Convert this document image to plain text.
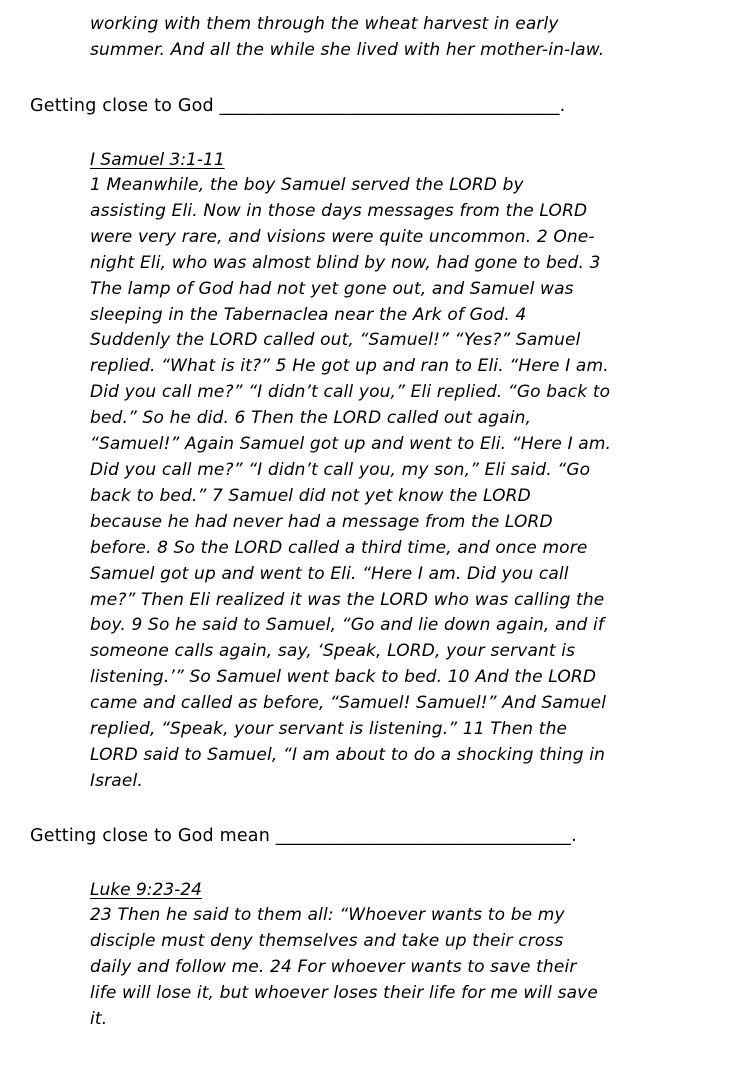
working with them through the wheat harvest in early
summer. And all the while she lived with her mother-in-law.

Getting close to God ______________________________________.

I Samuel 3:1-11

1 Meanwhile, the boy Samuel served the LORD by
assisting Eli. Now in those days messages from the LORD
were very rare, and visions were quite uncommon. 2 One-
night Eli, who was almost blind by now, had gone to bed. 3
The lamp of God had not yet gone out, and Samuel was
sleeping in the Tabernaclea near the Ark of God. 4
Suddenly the LORD called out, “Samuel!” “Yes?” Samuel
replied. “What is it?” 5 He got up and ran to Eli. “Here I am.
Did you call me?” “I didn’t call you,” Eli replied. “Go back to
bed.” So he did. 6 Then the LORD called out again,
“Samuel!” Again Samuel got up and went to Eli. “Here I am.
Did you call me?” “I didn’t call you, my son,” Eli said. “Go
back to bed.” 7 Samuel did not yet know the LORD
because he had never had a message from the LORD
before. 8 So the LORD called a third time, and once more
Samuel got up and went to Eli. “Here I am. Did you call
me?” Then Eli realized it was the LORD who was calling the
boy. 9 So he said to Samuel, “Go and lie down again, and if
someone calls again, say, ‘Speak, LORD, your servant is
listening.’” So Samuel went back to bed. 10 And the LORD
came and called as before, “Samuel! Samuel!” And Samuel
replied, “Speak, your servant is listening.” 11 Then the
LORD said to Samuel, “I am about to do a shocking thing in
Israel.

Getting close to God mean _________________________________.

Luke 9:23-24

23 Then he said to them all: “Whoever wants to be my
disciple must deny themselves and take up their cross
daily and follow me. 24 For whoever wants to save their
life will lose it, but whoever loses their life for me will save
it.
